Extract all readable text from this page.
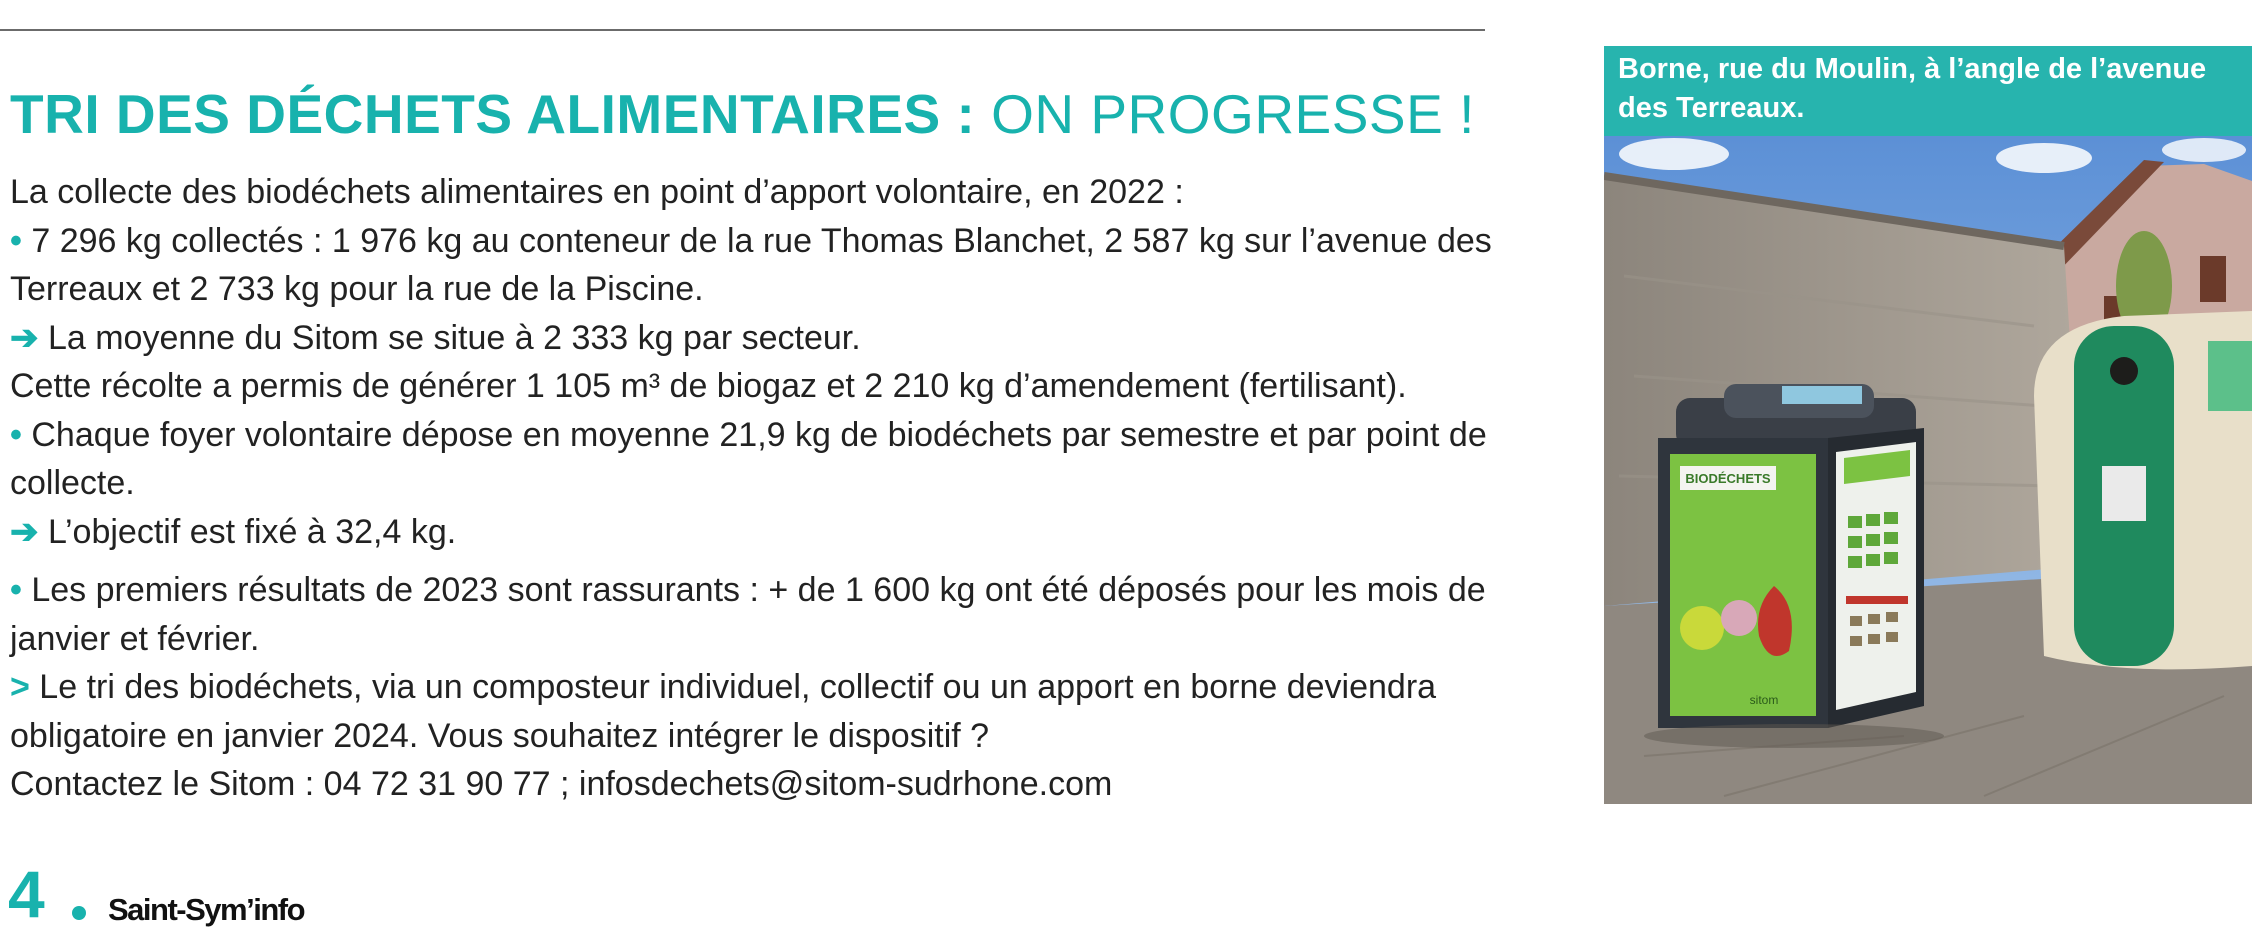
TRI DES DÉCHETS ALIMENTAIRES : ON PROGRESSE !

La collecte des biodéchets alimentaires en point d’apport volontaire, en 2022 :

• 7 296 kg collectés : 1 976 kg au conteneur de la rue Thomas Blanchet, 2 587 kg sur l’avenue des Terreaux et 2 733 kg pour la rue de la Piscine.

➔ La moyenne du Sitom se situe à 2 333 kg par secteur.

Cette récolte a permis de générer 1 105 m³ de biogaz et 2 210 kg d’amendement (fertilisant).

• Chaque foyer volontaire dépose en moyenne 21,9 kg de biodéchets par semestre et par point de collecte.

➔ L’objectif est fixé à 32,4 kg.

• Les premiers résultats de 2023 sont rassurants : + de 1 600 kg ont été déposés pour les mois de janvier et février.

> Le tri des biodéchets, via un composteur individuel, collectif ou un apport en borne deviendra obligatoire en janvier 2024. Vous souhaitez intégrer le dispositif ?

Contactez le Sitom : 04 72 31 90 77 ; infosdechets@sitom-sudrhone.com

4 Saint-Sym’info
Borne, rue du Moulin, à l’angle de l’avenue des Terreaux.
BIODÉCHETS
sitom
